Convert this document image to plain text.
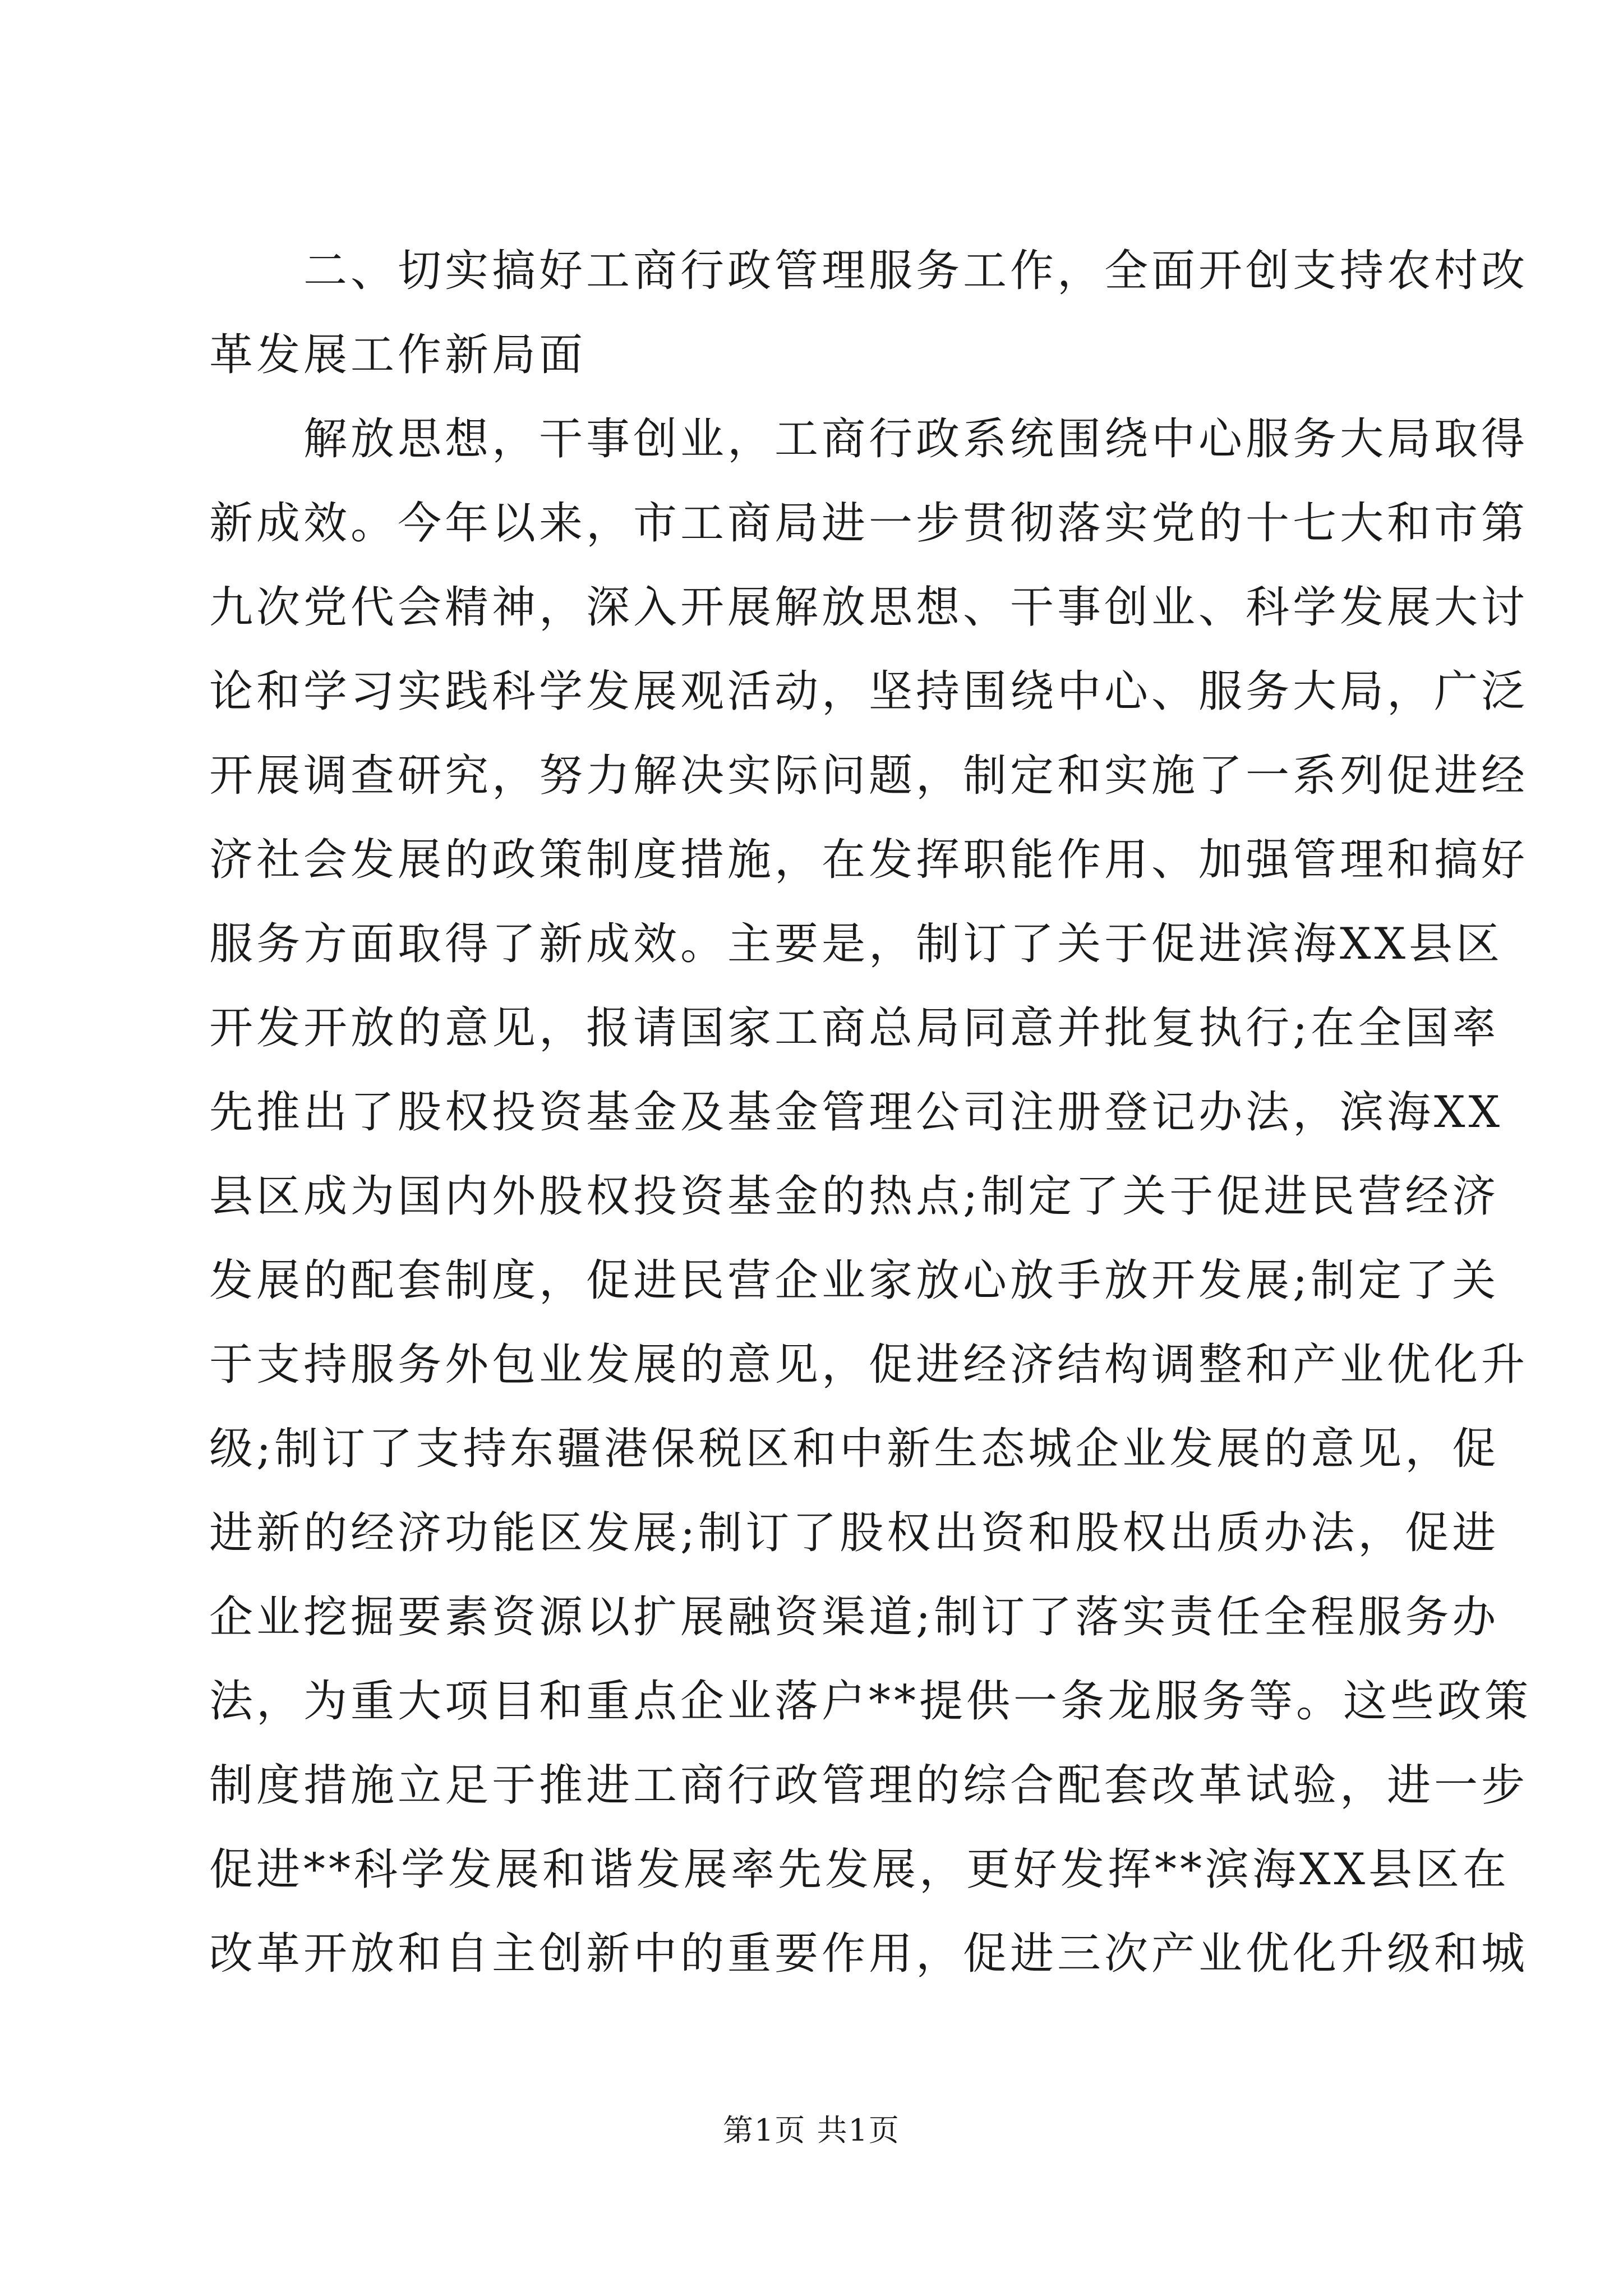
　　二、切实搞好工商行政管理服务工作，全面开创支持农村改
革发展工作新局面
　　解放思想，干事创业，工商行政系统围绕中心服务大局取得
新成效。今年以来，市工商局进一步贯彻落实党的十七大和市第
九次党代会精神，深入开展解放思想、干事创业、科学发展大讨
论和学习实践科学发展观活动，坚持围绕中心、服务大局，广泛
开展调查研究，努力解决实际问题，制定和实施了一系列促进经
济社会发展的政策制度措施，在发挥职能作用、加强管理和搞好
服务方面取得了新成效。主要是，制订了关于促进滨海XX县区
开发开放的意见，报请国家工商总局同意并批复执行;在全国率
先推出了股权投资基金及基金管理公司注册登记办法，滨海XX
县区成为国内外股权投资基金的热点;制定了关于促进民营经济
发展的配套制度，促进民营企业家放心放手放开发展;制定了关
于支持服务外包业发展的意见，促进经济结构调整和产业优化升
级;制订了支持东疆港保税区和中新生态城企业发展的意见，促
进新的经济功能区发展;制订了股权出资和股权出质办法，促进
企业挖掘要素资源以扩展融资渠道;制订了落实责任全程服务办
法，为重大项目和重点企业落户**提供一条龙服务等。这些政策
制度措施立足于推进工商行政管理的综合配套改革试验，进一步
促进**科学发展和谐发展率先发展，更好发挥**滨海XX县区在
改革开放和自主创新中的重要作用，促进三次产业优化升级和城
第1页 共1页
